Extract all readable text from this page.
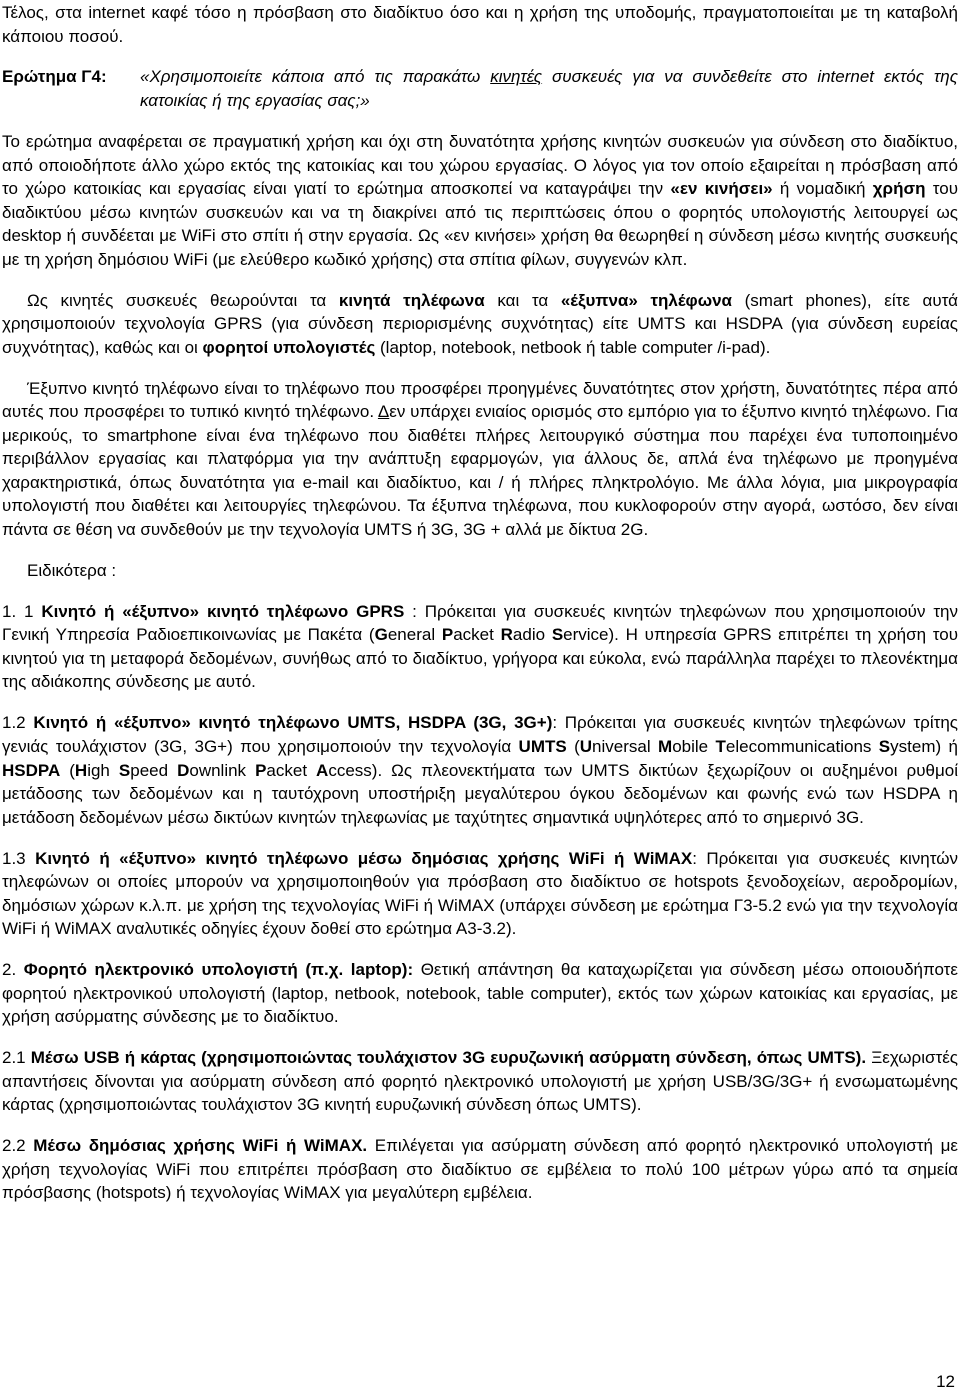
Τέλος, στα internet καφέ τόσο η πρόσβαση στο διαδίκτυο όσο και η χρήση της υποδομής, πραγματοποιείται με τη καταβολή κάποιου ποσού.

Ερώτημα Γ4:	«Χρησιμοποιείτε κάποια από τις παρακάτω κινητές συσκευές για να συνδεθείτε στο internet εκτός της κατοικίας ή της εργασίας σας;»

Το ερώτημα αναφέρεται σε πραγματική χρήση και όχι στη δυνατότητα χρήσης κινητών συσκευών για σύνδεση στο διαδίκτυο, από οποιοδήποτε άλλο χώρο εκτός της κατοικίας και του χώρου εργασίας. Ο λόγος για τον οποίο εξαιρείται η πρόσβαση από το χώρο κατοικίας και εργασίας είναι γιατί το ερώτημα αποσκοπεί να καταγράψει την «εν κινήσει» ή νομαδική χρήση του διαδικτύου μέσω κινητών συσκευών και να τη διακρίνει από τις περιπτώσεις όπου ο φορητός υπολογιστής λειτουργεί ως desktop ή συνδέεται με WiFi στο σπίτι ή στην εργασία. Ως «εν κινήσει» χρήση θα θεωρηθεί η σύνδεση μέσω κινητής συσκευής με τη χρήση δημόσιου WiFi (με ελεύθερο κωδικό χρήσης) στα σπίτια φίλων, συγγενών κλπ.

Ως κινητές συσκευές θεωρούνται τα κινητά τηλέφωνα και τα «έξυπνα» τηλέφωνα (smart phones), είτε αυτά χρησιμοποιούν τεχνολογία GPRS (για σύνδεση περιορισμένης συχνότητας) είτε UMTS και HSDPA (για σύνδεση ευρείας συχνότητας), καθώς και οι φορητοί υπολογιστές (laptop, notebook, netbook ή table computer /i-pad).

Έξυπνο κινητό τηλέφωνο είναι το τηλέφωνο που προσφέρει προηγμένες δυνατότητες στον χρήστη, δυνατότητες πέρα από αυτές που προσφέρει το τυπικό κινητό τηλέφωνο. Δεν υπάρχει ενιαίος ορισμός στο εμπόριο για το έξυπνο κινητό τηλέφωνο. Για μερικούς, το smartphone είναι ένα τηλέφωνο που διαθέτει πλήρες λειτουργικό σύστημα που παρέχει ένα τυποποιημένο περιβάλλον εργασίας και πλατφόρμα για την ανάπτυξη εφαρμογών, για άλλους δε, απλά ένα τηλέφωνο με προηγμένα χαρακτηριστικά, όπως δυνατότητα για e-mail και διαδίκτυο, και / ή πλήρες πληκτρολόγιο. Με άλλα λόγια, μια μικρογραφία υπολογιστή που διαθέτει και λειτουργίες τηλεφώνου. Τα έξυπνα τηλέφωνα, που κυκλοφορούν στην αγορά, ωστόσο, δεν είναι πάντα σε θέση να συνδεθούν με την τεχνολογία UMTS ή 3G, 3G + αλλά με δίκτυα 2G.

Ειδικότερα :

1. 1 Κινητό ή «έξυπνο» κινητό τηλέφωνο GPRS : Πρόκειται για συσκευές κινητών τηλεφώνων που χρησιμοποιούν την Γενική Υπηρεσία Ραδιοεπικοινωνίας με Πακέτα (General Packet Radio Service). Η υπηρεσία GPRS επιτρέπει τη χρήση του κινητού για τη μεταφορά δεδομένων, συνήθως από το διαδίκτυο, γρήγορα και εύκολα, ενώ παράλληλα παρέχει το πλεονέκτημα της αδιάκοπης σύνδεσης με αυτό.

1.2 Κινητό ή «έξυπνο» κινητό τηλέφωνο UMTS, HSDPA (3G, 3G+): Πρόκειται για συσκευές κινητών τηλεφώνων τρίτης γενιάς τουλάχιστον (3G, 3G+) που χρησιμοποιούν την τεχνολογία UMTS (Universal Mobile Telecommunications System) ή HSDPA (High Speed Downlink Packet Access). Ως πλεονεκτήματα των UMTS δικτύων ξεχωρίζουν οι αυξημένοι ρυθμοί μετάδοσης των δεδομένων και η ταυτόχρονη υποστήριξη μεγαλύτερου όγκου δεδομένων και φωνής ενώ των HSDPA η μετάδοση δεδομένων μέσω δικτύων κινητών τηλεφωνίας με ταχύτητες σημαντικά υψηλότερες από το σημερινό 3G.

1.3 Κινητό ή «έξυπνο» κινητό τηλέφωνο μέσω δημόσιας χρήσης WiFi ή WiMAX: Πρόκειται για συσκευές κινητών τηλεφώνων οι οποίες μπορούν να χρησιμοποιηθούν για πρόσβαση στο διαδίκτυο σε hotspots ξενοδοχείων, αεροδρομίων, δημόσιων χώρων κ.λ.π. με χρήση της τεχνολογίας WiFi ή WiMAX (υπάρχει σύνδεση με ερώτημα Γ3-5.2 ενώ για την τεχνολογία WiFi ή WiMAX αναλυτικές οδηγίες έχουν δοθεί στο ερώτημα Α3-3.2).

2. Φορητό ηλεκτρονικό υπολογιστή (π.χ. laptop): Θετική απάντηση θα καταχωρίζεται για σύνδεση μέσω οποιουδήποτε φορητού ηλεκτρονικού υπολογιστή (laptop, netbook, notebook, table computer), εκτός των χώρων κατοικίας και εργασίας, με χρήση ασύρματης σύνδεσης με το διαδίκτυο.

2.1 Μέσω USB ή κάρτας (χρησιμοποιώντας τουλάχιστον 3G ευρυζωνική ασύρματη σύνδεση, όπως UMTS). Ξεχωριστές απαντήσεις δίνονται για ασύρματη σύνδεση από φορητό ηλεκτρονικό υπολογιστή με χρήση USB/3G/3G+ ή ενσωματωμένης κάρτας (χρησιμοποιώντας τουλάχιστον 3G κινητή ευρυζωνική σύνδεση όπως UMTS).

2.2 Μέσω δημόσιας χρήσης WiFi ή WiMAX. Επιλέγεται για ασύρματη σύνδεση από φορητό ηλεκτρονικό υπολογιστή με χρήση τεχνολογίας WiFi που επιτρέπει πρόσβαση στο διαδίκτυο σε εμβέλεια το πολύ 100 μέτρων γύρω από τα σημεία πρόσβασης (hotspots) ή τεχνολογίας WiMAX για μεγαλύτερη εμβέλεια.

12
